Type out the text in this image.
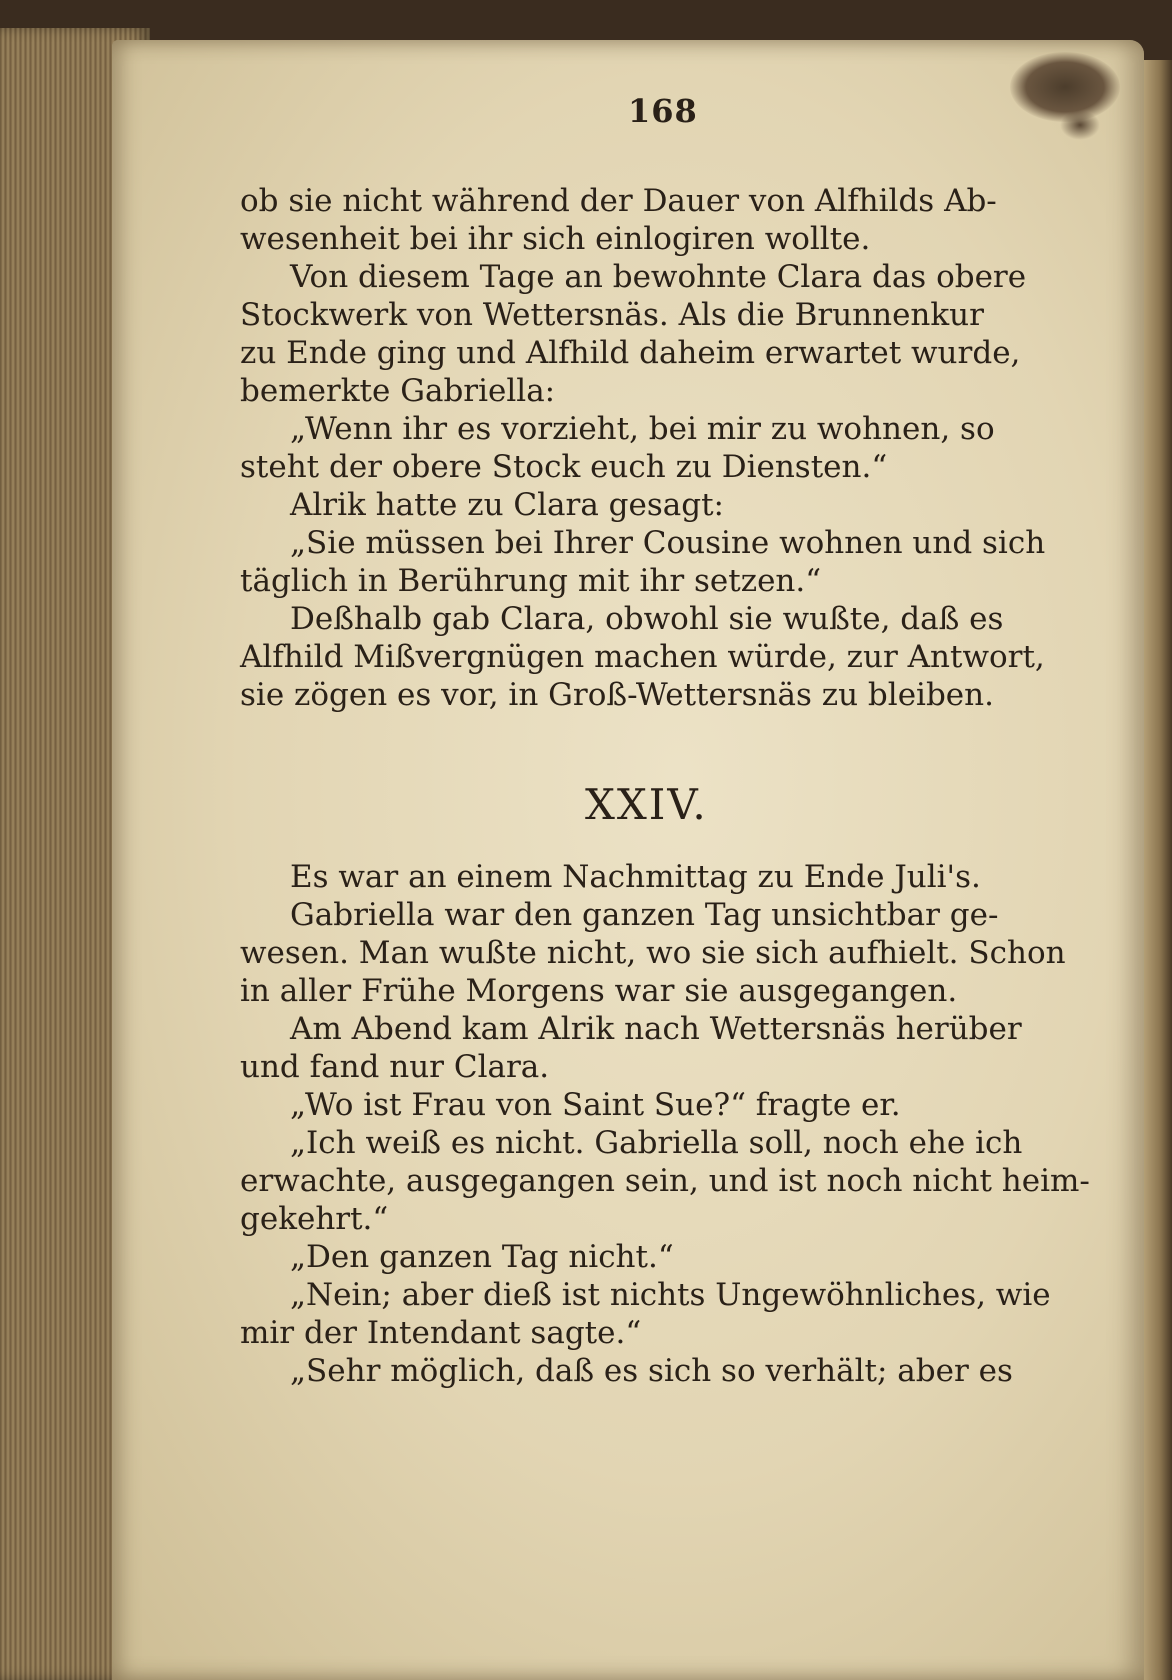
168
ob sie nicht während der Dauer von Alfhilds Ab-
wesenheit bei ihr sich einlogiren wollte.
Von diesem Tage an bewohnte Clara das obere
Stockwerk von Wettersnäs. Als die Brunnenkur
zu Ende ging und Alfhild daheim erwartet wurde,
bemerkte Gabriella:
„Wenn ihr es vorzieht, bei mir zu wohnen, so
steht der obere Stock euch zu Diensten.“
Alrik hatte zu Clara gesagt:
„Sie müssen bei Ihrer Cousine wohnen und sich
täglich in Berührung mit ihr setzen.“
Deßhalb gab Clara, obwohl sie wußte, daß es
Alfhild Mißvergnügen machen würde, zur Antwort,
sie zögen es vor, in Groß-Wettersnäs zu bleiben.
Es war an einem Nachmittag zu Ende Juli's.
Gabriella war den ganzen Tag unsichtbar ge-
wesen. Man wußte nicht, wo sie sich aufhielt. Schon
in aller Frühe Morgens war sie ausgegangen.
Am Abend kam Alrik nach Wettersnäs herüber
und fand nur Clara.
„Wo ist Frau von Saint Sue?“ fragte er.
„Ich weiß es nicht. Gabriella soll, noch ehe ich
erwachte, ausgegangen sein, und ist noch nicht heim-
gekehrt.“
„Den ganzen Tag nicht.“
„Nein; aber dieß ist nichts Ungewöhnliches, wie
mir der Intendant sagte.“
„Sehr möglich, daß es sich so verhält; aber es
XXIV.
